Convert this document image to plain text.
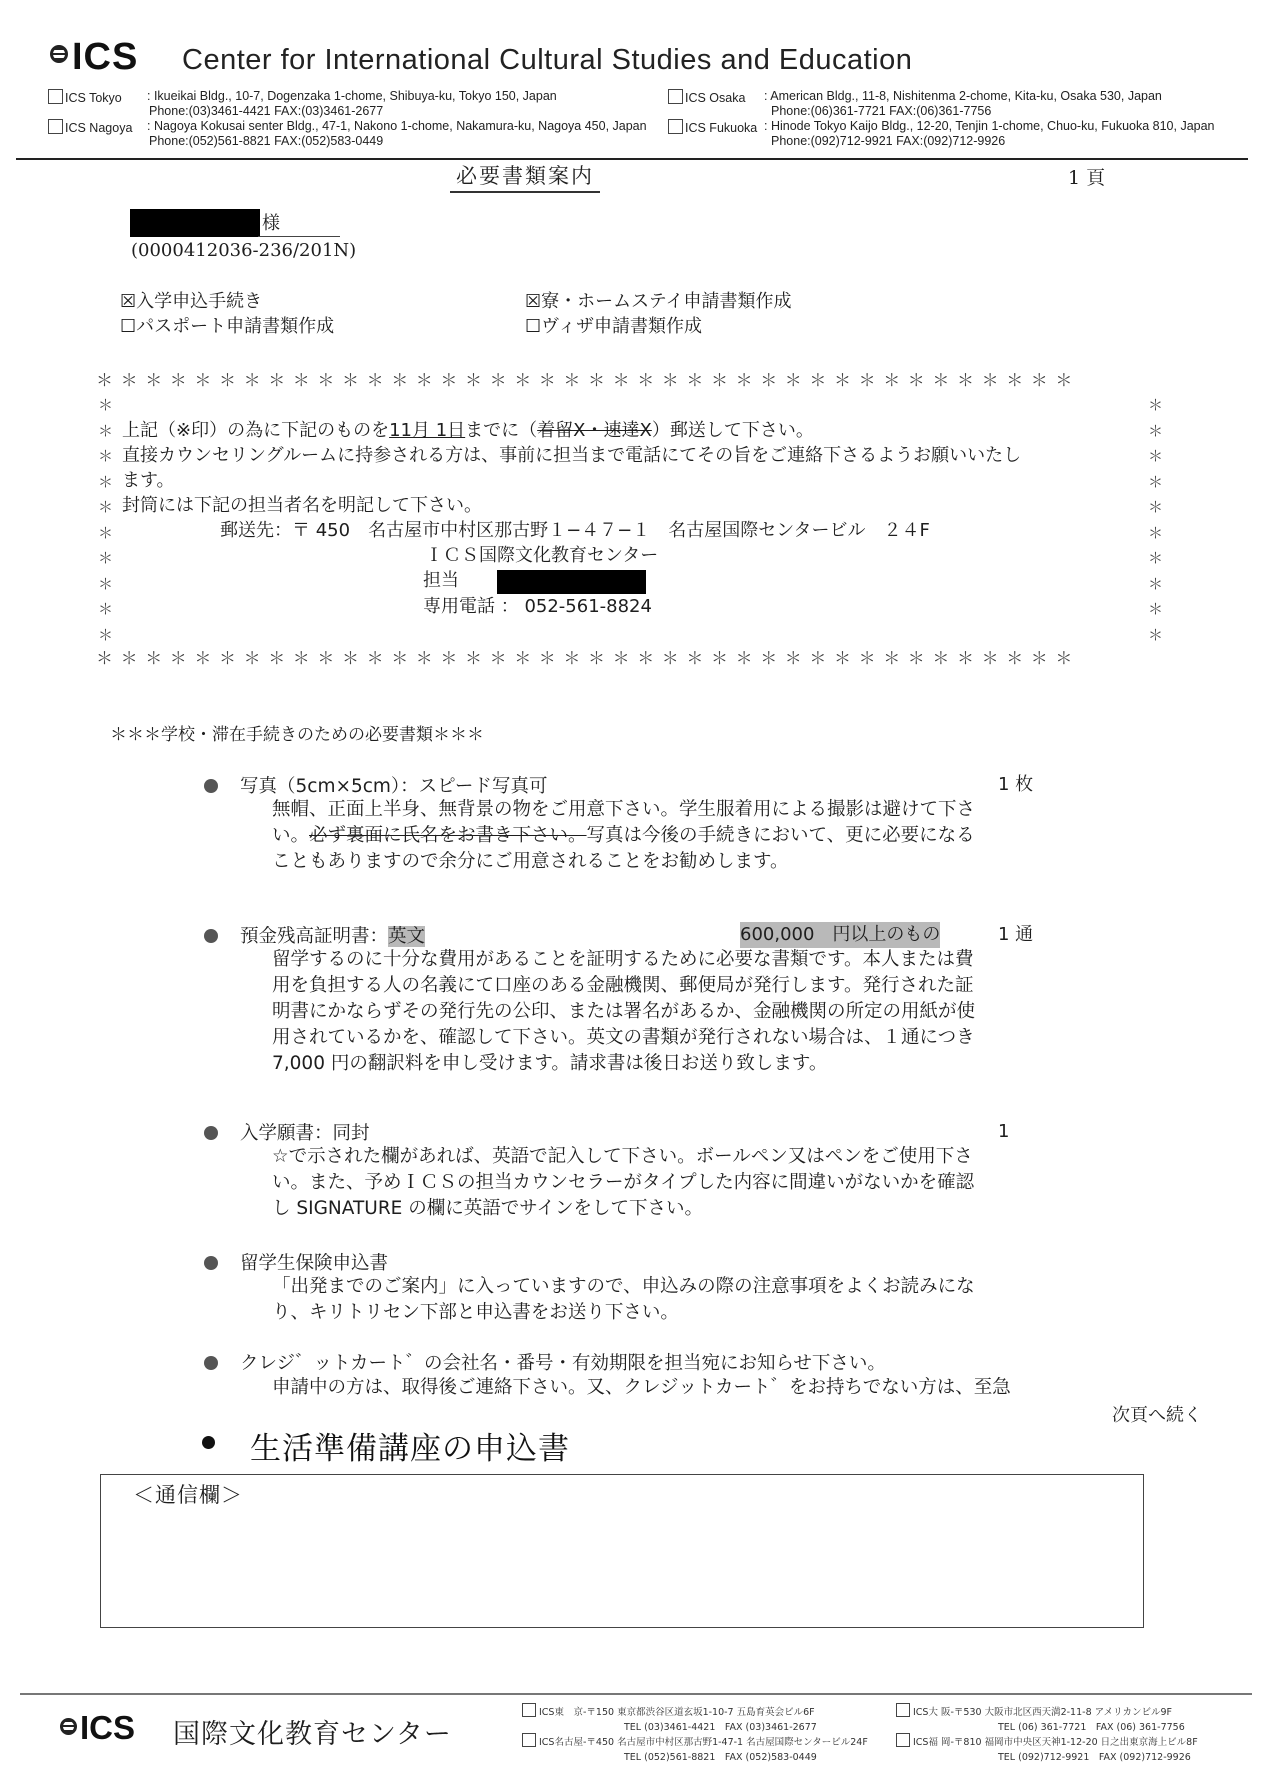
ICS Center for International Cultural Studies and Education
ICS Tokyo : Ikueikai Bldg., 10-7, Dogenzaka 1-chome, Shibuya-ku, Tokyo 150, Japan
Phone:(03)3461-4421 FAX:(03)3461-2677
ICS Nagoya : Nagoya Kokusai senter Bldg., 47-1, Nakono 1-chome, Nakamura-ku, Nagoya 450, Japan
Phone:(052)561-8821 FAX:(052)583-0449
ICS Osaka : American Bldg., 11-8, Nishitenma 2-chome, Kita-ku, Osaka 530, Japan
Phone:(06)361-7721 FAX:(06)361-7756
ICS Fukuoka : Hinode Tokyo Kaijo Bldg., 12-20, Tenjin 1-chome, Chuo-ku, Fukuoka 810, Japan
Phone:(092)712-9921 FAX:(092)712-9926
必要書類案内	1 頁
様
(0000412036-236/201N)
☒入学申込手続き	☒寮・ホームステイ申請書類作成
☐パスポート申請書類作成	☐ヴィザ申請書類作成
＊＊＊＊＊＊＊＊＊＊＊＊＊＊＊＊＊＊＊＊＊＊＊＊＊＊＊＊＊＊＊＊＊＊＊＊＊＊＊＊
＊
＊
＊
＊
＊
＊
＊
＊
＊
＊
＊
＊
＊
＊
＊
＊
＊
＊
＊
＊
＊＊＊＊＊＊＊＊＊＊＊＊＊＊＊＊＊＊＊＊＊＊＊＊＊＊＊＊＊＊＊＊＊＊＊＊＊＊＊＊
上記（※印）の為に下記のものを11月 1日までに（着留X・速達X）郵送して下さい。
直接カウンセリングルームに持参される方は、事前に担当まで電話にてその旨をご連絡下さるようお願いいたし
ます。
封筒には下記の担当者名を明記して下さい。
郵送先：〒 450　名古屋市中村区那古野１−４７−１　名古屋国際センタービル　２４F
ＩＣＳ国際文化教育センター
担当
専用電話 ： 052-561-8824
＊＊＊学校・滞在手続きのための必要書類＊＊＊
写真（5cm×5cm）：スピード写真可	1 枚
無帽、正面上半身、無背景の物をご用意下さい。学生服着用による撮影は避けて下さ
い。必ず裏面に氏名をお書き下さい。写真は今後の手続きにおいて、更に必要になる
こともありますので余分にご用意されることをお勧めします。
預金残高証明書：英文	600,000　円以上のもの	1 通
留学するのに十分な費用があることを証明するために必要な書類です。本人または費
用を負担する人の名義にて口座のある金融機関、郵便局が発行します。発行された証
明書にかならずその発行先の公印、または署名があるか、金融機関の所定の用紙が使
用されているかを、確認して下さい。英文の書類が発行されない場合は、１通につき
7,000 円の翻訳料を申し受けます。請求書は後日お送り致します。
入学願書：同封	1
☆で示された欄があれば、英語で記入して下さい。ボールペン又はペンをご使用下さ
い。また、予めＩＣＳの担当カウンセラーがタイプした内容に間違いがないかを確認
し SIGNATURE の欄に英語でサインをして下さい。
留学生保険申込書
「出発までのご案内」に入っていますので、申込みの際の注意事項をよくお読みにな
り、キリトリセン下部と申込書をお送り下さい。
クレジ゛ットカート゛の会社名・番号・有効期限を担当宛にお知らせ下さい。
申請中の方は、取得後ご連絡下さい。又、クレジットカート゛をお持ちでない方は、至急
次頁へ続く
生活準備講座の申込書
＜通信欄＞
ICS 国際文化教育センター
ICS東　京-〒150 東京都渋谷区道玄坂1-10-7 五島育英会ビル6F
TEL (03)3461-4421　FAX (03)3461-2677
ICS名古屋-〒450 名古屋市中村区那古野1-47-1 名古屋国際センタービル24F
TEL (052)561-8821　FAX (052)583-0449
ICS大 阪-〒530 大阪市北区西天満2-11-8 アメリカンビル9F
TEL (06) 361-7721　FAX (06) 361-7756
ICS福 岡-〒810 福岡市中央区天神1-12-20 日之出東京海上ビル8F
TEL (092)712-9921　FAX (092)712-9926
